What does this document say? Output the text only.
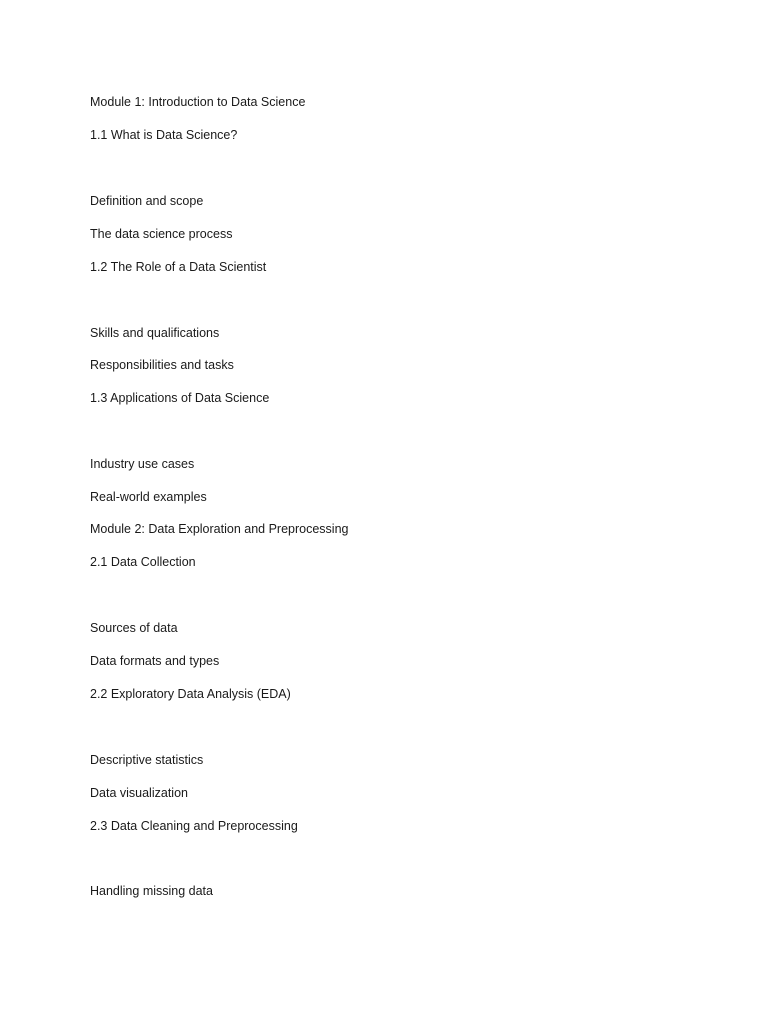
Module 1: Introduction to Data Science

1.1 What is Data Science?

Definition and scope

The data science process

1.2 The Role of a Data Scientist

Skills and qualifications

Responsibilities and tasks

1.3 Applications of Data Science

Industry use cases

Real-world examples

Module 2: Data Exploration and Preprocessing

2.1 Data Collection

Sources of data

Data formats and types

2.2 Exploratory Data Analysis (EDA)

Descriptive statistics

Data visualization

2.3 Data Cleaning and Preprocessing

Handling missing data
